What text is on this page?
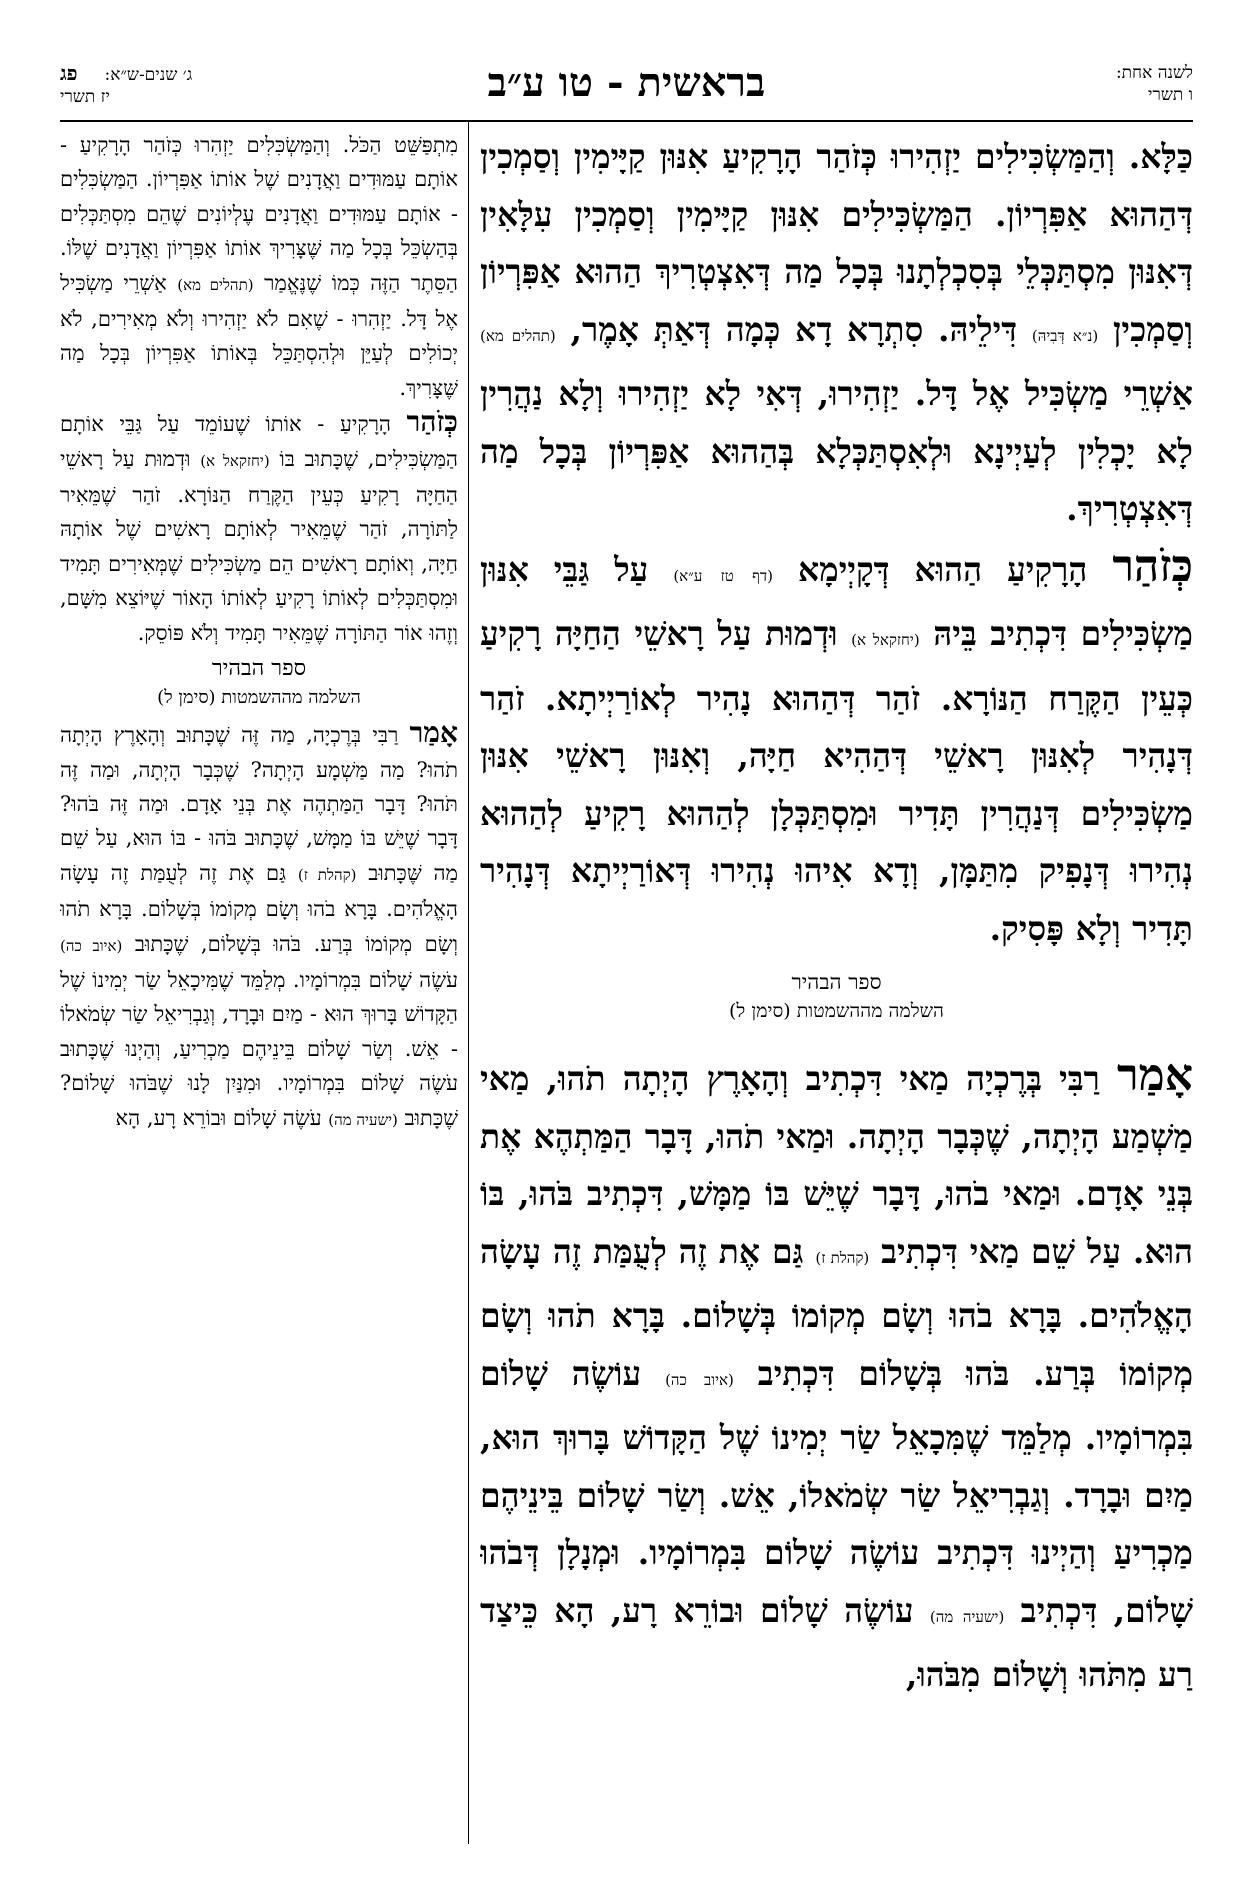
ג׳ שנים-ש״א:     פג
יז תשרי	בראשית - טו ע״ב	לשנה אחת:
ו תשרי

כַּלָּא. וְהַמַּשְׂכִּילִים יַזְהִירוּ כְּזֹהַר הָרָקִיעַ אִנּוּן קַיָּימִין וְסַמְכִין דְּהַהוּא אַפִּרְיוֹן. הַמַּשְׂכִּילִים אִנּוּן קַיָּימִין וְסַמְכִין עִלָּאִין דְּאִנּוּן מִסְתַּכְּלֵי בְּסִכְלְתָנוּ בְּכָל מַה דְּאִצְטְרִיךְ הַהוּא אַפִּרְיוֹן וְסַמְכִין (נ״א דְּבִיהּ) דִּילֵיהּ. סִתְרָא דָא כְּמָה דְּאַתְּ אָמֶר, (תהלים מא) אַשְׁרֵי מַשְׂכִּיל אֶל דָּל. יַזְהִירוּ, דְּאִי לָא יַזְהִירוּ וְלָא נַהֲרִין לָא יָכְלִין לְעַיְינָא וּלְאִסְתַּכְּלָא בְּהַהוּא אַפִּרְיוֹן בְּכָל מַה דְּאִצְטְרִיךְ.

כְּזֹהַר הָרָקִיעַ הַהוּא דְּקָיְימָא (דף טז ע״א) עַל גַּבֵּי אִנּוּן מַשְׂכִּילִים דִּכְתִיב בֵּיהּ (יחזקאל א) וּדְמוּת עַל רָאשֵׁי הַחַיָּה רָקִיעַ כְּעֵין הַקֶּרַח הַנּוֹרָא. זֹהַר דְּהַהוּא נָהִיר לְאוֹרַיְיתָא. זֹהַר דְּנָהִיר לְאִנּוּן רָאשֵׁי דְּהַהִיא חַיָּה, וְאִנּוּן רָאשֵׁי אִנּוּן מַשְׂכִּילִים דְּנַהֲרִין תָּדִיר וּמִסְתַּכְּלָן לְהַהוּא רָקִיעַ לְהַהוּא נְהִירוּ דְּנָפִיק מִתַּמָּן, וְדָא אִיהוּ נְהִירוּ דְּאוֹרַיְיתָא דְּנָהִיר תָּדִיר וְלָא פָּסִיק.

ספר הבהיר
השלמה מההשמטות (סימן ל)

אָמַר רַבִּי בְּרֶכְיָה מַאי דִּכְתִיב וְהָאָרֶץ הָיְתָה תֹהוּ, מַאי מַשְׁמַע הָיְתָה, שֶׁכְּבָר הָיְתָה. וּמַאי תֹהוּ, דָּבָר הַמַּתְהֶא אֶת בְּנֵי אָדָם. וּמַאי בֹהוּ, דָּבָר שֶׁיֵּשׁ בּוֹ מַמָּשׁ, דִּכְתִיב בֹּהוּ, בּוֹ הוּא. עַל שֵׁם מַאי דִּכְתִיב (קהלת ז) גַּם אֶת זֶה לְעֻמַּת זֶה עָשָׂה הָאֱלֹהִים. בָּרָא בֹהוּ וְשָׂם מְקוֹמוֹ בְּשָׁלוֹם. בָּרָא תֹהוּ וְשָׂם מְקוֹמוֹ בְּרַע. בֹּהוּ בְּשָׁלוֹם דִּכְתִיב (איוב כה) עוֹשֶׂה שָׁלוֹם בִּמְרוֹמָיו. מְלַמֵּד שֶׁמִּכָאֵל שַׂר יְמִינוֹ שֶׁל הַקָּדוֹשׁ בָּרוּךְ הוּא, מַיִם וּבָרָד. וְגַבְרִיאֵל שַׂר שְׂמֹאלוֹ, אֵשׁ. וְשַׂר שָׁלוֹם בֵּינֵיהֶם מַכְרִיעַ וְהַיְינוּ דִּכְתִיב עוֹשֶׂה שָׁלוֹם בִּמְרוֹמָיו. וּמְנָלָן דְּבֹהוּ שָׁלוֹם, דִּכְתִיב (ישעיה מה) עוֹשֶׂה שָׁלוֹם וּבוֹרֵא רָע, הָא כֵּיצַד רַע מִתֹּהוּ וְשָׁלוֹם מִבֹּהוּ,

מִתְפַּשֵּׁט הַכֹּל. וְהַמַּשְׂכִּלִים יַזְהִרוּ כְּזֹהַר הָרָקִיעַ - אוֹתָם עַמּוּדִים וַאֲדָנִים שֶׁל אוֹתוֹ אַפִּרְיוֹן. הַמַּשְׂכִּלִים - אוֹתָם עַמּוּדִים וַאֲדָנִים עֶלְיוֹנִים שֶׁהֵם מִסְתַּכְּלִים בְּהַשְׂכֵּל בְּכָל מַה שֶּׁצָּרִיךְ אוֹתוֹ אַפִּרְיוֹן וַאֲדָנִים שֶׁלּוֹ. הַסֵּתֶר הַזֶּה כְּמוֹ שֶׁנֶּאֱמַר (תהלים מא) אַשְׁרֵי מַשְׂכִּיל אֶל דָּל. יַזְהִרוּ - שֶׁאִם לֹא יַזְהִירוּ וְלֹא מְאִירִים, לֹא יְכוֹלִים לְעַיֵּן וּלְהִסְתַּכֵּל בְּאוֹתוֹ אַפִּרְיוֹן בְּכָל מַה שֶּׁצָּרִיךְ.

כְּזֹהַר הָרָקִיעַ - אוֹתוֹ שֶׁעוֹמֵד עַל גַּבֵּי אוֹתָם הַמַּשְׂכִּילִים, שֶׁכָּתוּב בּוֹ (יחזקאל א) וּדְמוּת עַל רָאשֵׁי הַחַיָּה רָקִיעַ כְּעֵין הַקֶּרַח הַנּוֹרָא. זֹהַר שֶׁמֵּאִיר לַתּוֹרָה, זֹהַר שֶׁמֵּאִיר לְאוֹתָם רָאשִׁים שֶׁל אוֹתָהּ חַיָּה, וְאוֹתָם רָאשִׁים הֵם מַשְׂכִּילִים שֶׁמְּאִירִים תָּמִיד וּמִסְתַּכְּלִים לְאוֹתוֹ רָקִיעַ לְאוֹתוֹ הָאוֹר שֶׁיּוֹצֵא מִשָּׁם, וְזֶהוּ אוֹר הַתּוֹרָה שֶׁמֵּאִיר תָּמִיד וְלֹא פּוֹסֵק.

ספר הבהיר
השלמה מההשמטות (סימן ל)

אָמַר רַבִּי בְּרֶכְיָה, מַה זֶּה שֶׁכָּתוּב וְהָאָרֶץ הָיְתָה תֹהוּ? מַה מַּשְׁמָע הָיְתָה? שֶׁכְּבָר הָיְתָה, וּמַה זֶּה תֹּהוּ? דָּבָר הַמַּתְהֶה אֶת בְּנֵי אָדָם. וּמַה זֶּה בֹּהוּ? דָּבָר שֶׁיֵּשׁ בּוֹ מַמָּשׁ, שֶׁכָּתוּב בֹּהוּ - בּוֹ הוּא, עַל שֵׁם מַה שֶּׁכָּתוּב (קהלת ז) גַּם אֶת זֶה לְעֻמַּת זֶה עָשָׂה הָאֱלֹהִים. בָּרָא בֹהוּ וְשָׂם מְקוֹמוֹ בְּשָׁלוֹם. בָּרָא תֹהוּ וְשָׂם מְקוֹמוֹ בְּרַע. בֹּהוּ בְּשָׁלוֹם, שֶׁכָּתוּב (איוב כה) עֹשֶׂה שָׁלוֹם בִּמְרוֹמָיו. מְלַמֵּד שֶׁמִּיכָאֵל שַׂר יְמִינוֹ שֶׁל הַקָּדוֹשׁ בָּרוּךְ הוּא - מַיִם וּבָרָד, וְגַבְרִיאֵל שַׂר שְׂמֹאלוֹ - אֵשׁ. וְשַׂר שָׁלוֹם בֵּינֵיהֶם מַכְרִיעַ, וְהַיְנוּ שֶׁכָּתוּב עֹשֶׂה שָׁלוֹם בִּמְרוֹמָיו. וּמִנַּיִן לָנוּ שֶׁבֹּהוּ שָׁלוֹם? שֶׁכָּתוּב (ישעיה מה) עֹשֶׂה שָׁלוֹם וּבוֹרֵא רָע, הָא
